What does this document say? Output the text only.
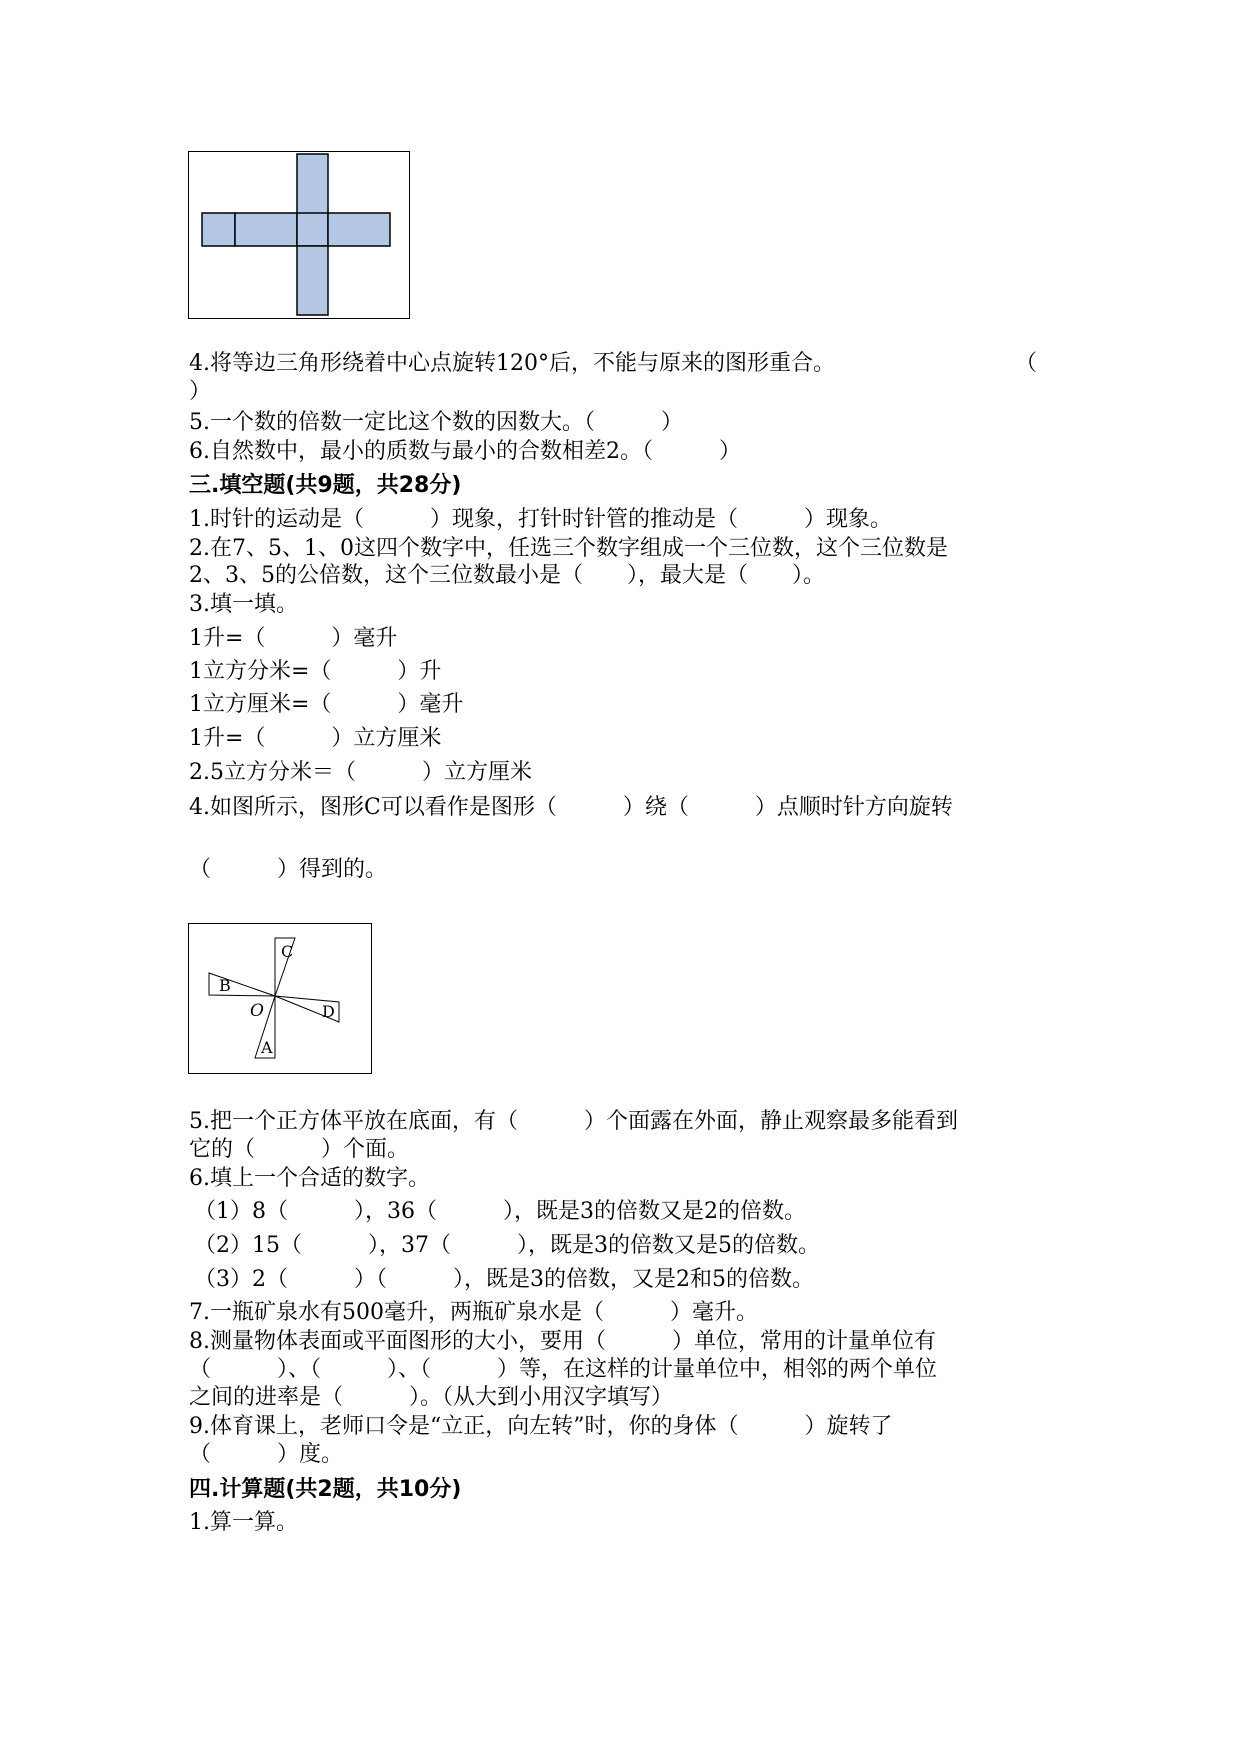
4.将等边三角形绕着中心点旋转120°后，不能与原来的图形重合。	（
）
5.一个数的倍数一定比这个数的因数大。（　　　）
6.自然数中，最小的质数与最小的合数相差2。（　　　）
三.填空题(共9题，共28分)
1.时针的运动是（　　　）现象，打针时针管的推动是（　　　）现象。
2.在7、5、1、0这四个数字中，任选三个数字组成一个三位数，这个三位数是
2、3、5的公倍数，这个三位数最小是（　　），最大是（　　）。
3.填一填。
1升=（　　　）毫升
1立方分米=（　　　）升
1立方厘米=（　　　）毫升
1升=（　　　）立方厘米
2.5立方分米＝（　　　）立方厘米
4.如图所示，图形C可以看作是图形（　　　）绕（　　　）点顺时针方向旋转
（　　　）得到的。
C
B
O	D
A
5.把一个正方体平放在底面，有（　　　）个面露在外面，静止观察最多能看到
它的（　　　）个面。
6.填上一个合适的数字。
（1）8（　　　），36（　　　），既是3的倍数又是2的倍数。
（2）15（　　　），37（　　　），既是3的倍数又是5的倍数。
（3）2（　　　）（　　　），既是3的倍数，又是2和5的倍数。
7.一瓶矿泉水有500毫升，两瓶矿泉水是（　　　）毫升。
8.测量物体表面或平面图形的大小，要用（　　　）单位，常用的计量单位有
（　　　）、（　　　）、（　　　）等，在这样的计量单位中，相邻的两个单位
之间的进率是（　　　）。（从大到小用汉字填写）
9.体育课上，老师口令是“立正，向左转”时，你的身体（　　　）旋转了
（　　　）度。
四.计算题(共2题，共10分)
1.算一算。
